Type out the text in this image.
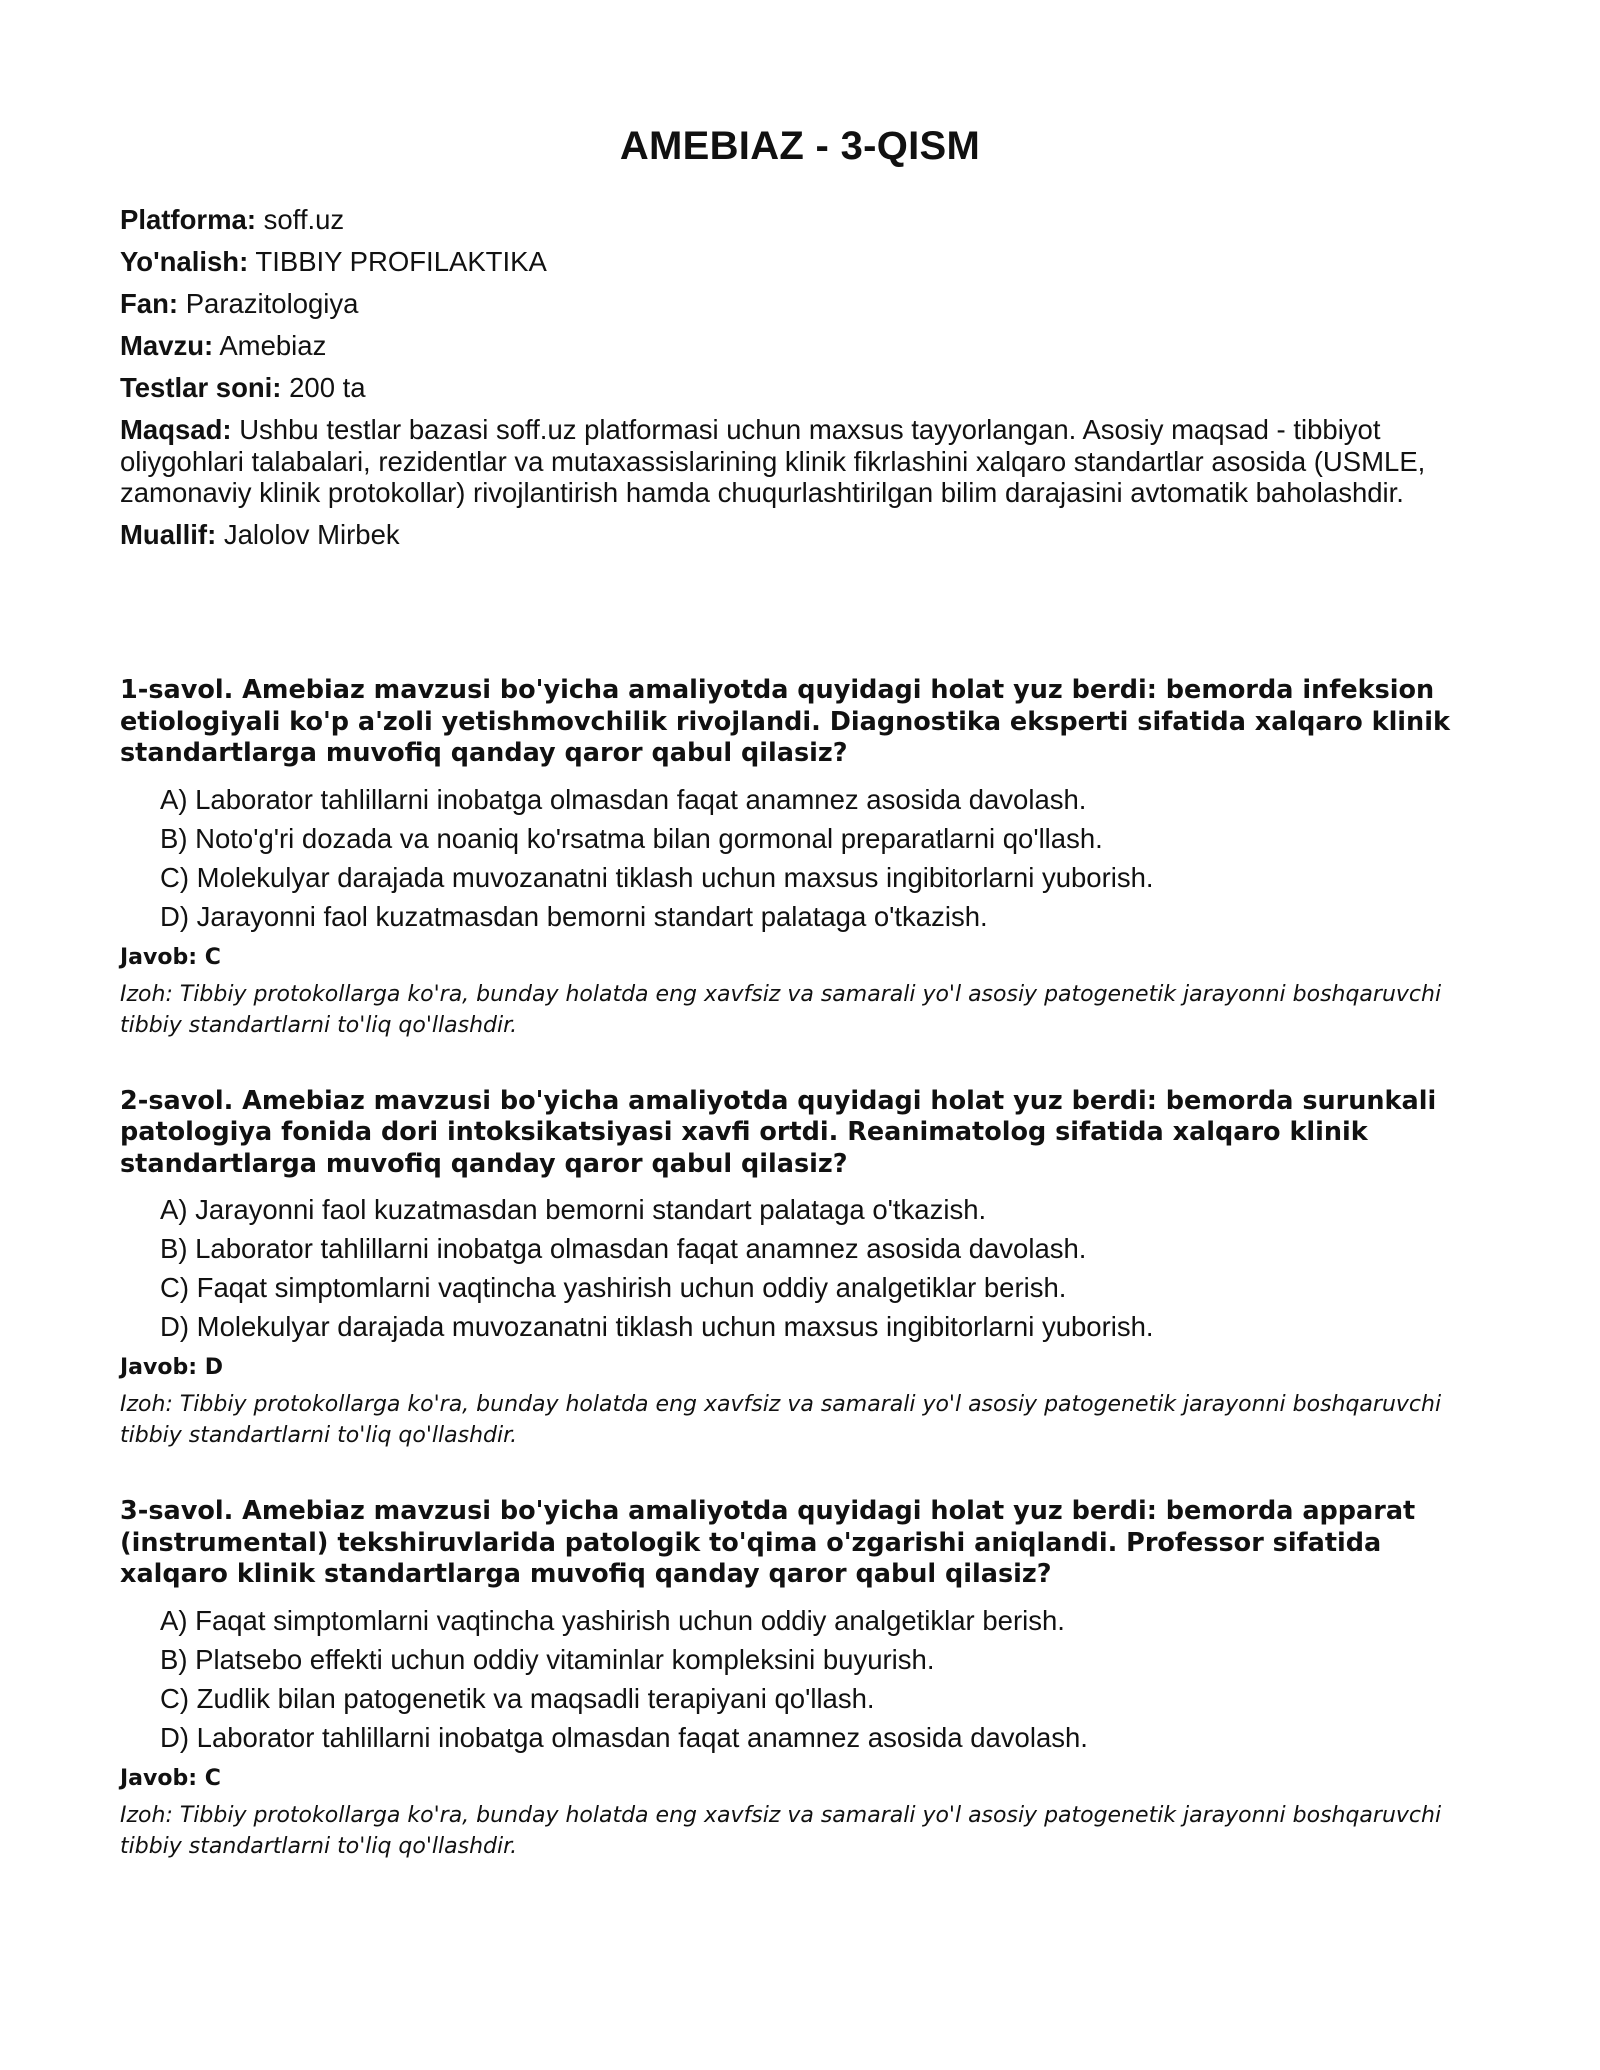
AMEBIAZ - 3-QISM
Platforma: soff.uz
Yo'nalish: TIBBIY PROFILAKTIKA
Fan: Parazitologiya
Mavzu: Amebiaz
Testlar soni: 200 ta
Maqsad: Ushbu testlar bazasi soff.uz platformasi uchun maxsus tayyorlangan. Asosiy maqsad - tibbiyot oliygohlari talabalari, rezidentlar va mutaxassislarining klinik fikrlashini xalqaro standartlar asosida (USMLE, zamonaviy klinik protokollar) rivojlantirish hamda chuqurlashtirilgan bilim darajasini avtomatik baholashdir.
Muallif: Jalolov Mirbek
1-savol. Amebiaz mavzusi bo'yicha amaliyotda quyidagi holat yuz berdi: bemorda infeksion etiologiyali ko'p a'zoli yetishmovchilik rivojlandi. Diagnostika eksperti sifatida xalqaro klinik standartlarga muvofiq qanday qaror qabul qilasiz?
A) Laborator tahlillarni inobatga olmasdan faqat anamnez asosida davolash.
B) Noto'g'ri dozada va noaniq ko'rsatma bilan gormonal preparatlarni qo'llash.
C) Molekulyar darajada muvozanatni tiklash uchun maxsus ingibitorlarni yuborish.
D) Jarayonni faol kuzatmasdan bemorni standart palataga o'tkazish.
Javob: C
Izoh: Tibbiy protokollarga ko'ra, bunday holatda eng xavfsiz va samarali yo'l asosiy patogenetik jarayonni boshqaruvchi tibbiy standartlarni to'liq qo'llashdir.
2-savol. Amebiaz mavzusi bo'yicha amaliyotda quyidagi holat yuz berdi: bemorda surunkali patologiya fonida dori intoksikatsiyasi xavfi ortdi. Reanimatolog sifatida xalqaro klinik standartlarga muvofiq qanday qaror qabul qilasiz?
A) Jarayonni faol kuzatmasdan bemorni standart palataga o'tkazish.
B) Laborator tahlillarni inobatga olmasdan faqat anamnez asosida davolash.
C) Faqat simptomlarni vaqtincha yashirish uchun oddiy analgetiklar berish.
D) Molekulyar darajada muvozanatni tiklash uchun maxsus ingibitorlarni yuborish.
Javob: D
Izoh: Tibbiy protokollarga ko'ra, bunday holatda eng xavfsiz va samarali yo'l asosiy patogenetik jarayonni boshqaruvchi tibbiy standartlarni to'liq qo'llashdir.
3-savol. Amebiaz mavzusi bo'yicha amaliyotda quyidagi holat yuz berdi: bemorda apparat (instrumental) tekshiruvlarida patologik to'qima o'zgarishi aniqlandi. Professor sifatida xalqaro klinik standartlarga muvofiq qanday qaror qabul qilasiz?
A) Faqat simptomlarni vaqtincha yashirish uchun oddiy analgetiklar berish.
B) Platsebo effekti uchun oddiy vitaminlar kompleksini buyurish.
C) Zudlik bilan patogenetik va maqsadli terapiyani qo'llash.
D) Laborator tahlillarni inobatga olmasdan faqat anamnez asosida davolash.
Javob: C
Izoh: Tibbiy protokollarga ko'ra, bunday holatda eng xavfsiz va samarali yo'l asosiy patogenetik jarayonni boshqaruvchi tibbiy standartlarni to'liq qo'llashdir.
